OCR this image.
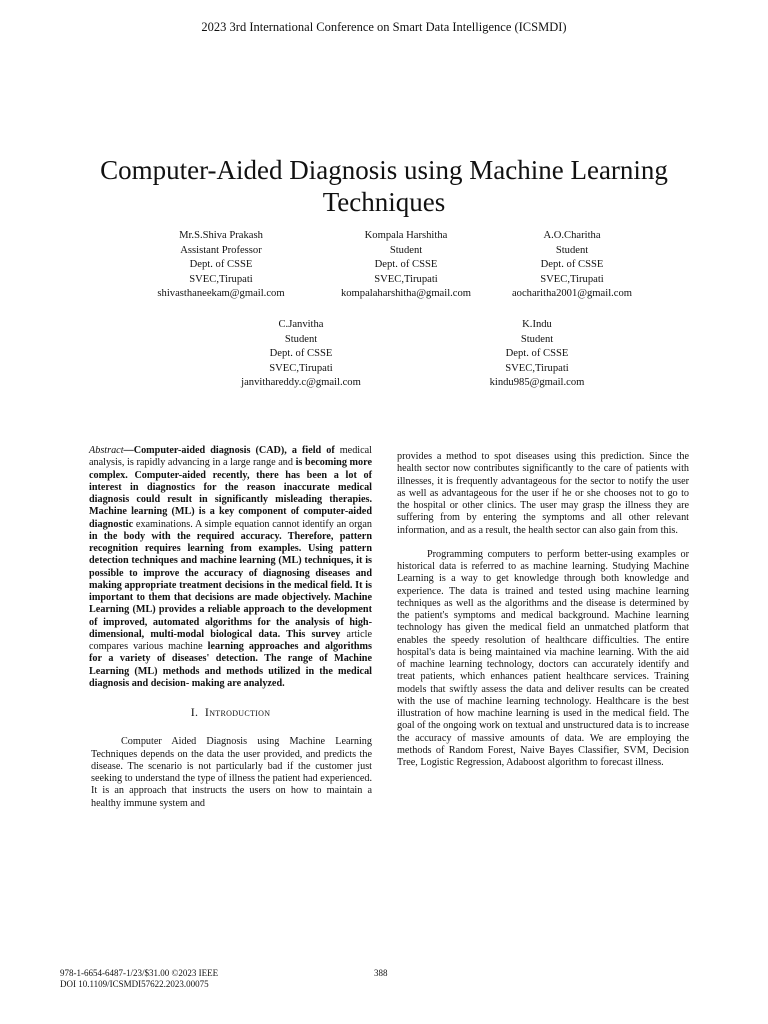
2023 3rd International Conference on Smart Data Intelligence (ICSMDI)
Computer-Aided Diagnosis using Machine Learning Techniques
Mr.S.Shiva Prakash
Assistant Professor
Dept. of CSSE
SVEC,Tirupati
shivasthaneekam@gmail.com
Kompala Harshitha
Student
Dept. of CSSE
SVEC,Tirupati
kompalaharshitha@gmail.com
A.O.Charitha
Student
Dept. of CSSE
SVEC,Tirupati
aocharitha2001@gmail.com
C.Janvitha
Student
Dept. of CSSE
SVEC,Tirupati
janvithareddy.c@gmail.com
K.Indu
Student
Dept. of CSSE
SVEC,Tirupati
kindu985@gmail.com

Abstract—Computer-aided diagnosis (CAD), a field of medical analysis, is rapidly advancing in a large range and is becoming more complex. Computer-aided recently, there has been a lot of interest in diagnostics for the reason inaccurate medical diagnosis could result in significantly misleading therapies. Machine learning (ML) is a key component of computer-aided diagnostic examinations. A simple equation cannot identify an organ in the body with the required accuracy. Therefore, pattern recognition requires learning from examples. Using pattern detection techniques and machine learning (ML) techniques, it is possible to improve the accuracy of diagnosing diseases and making appropriate treatment decisions in the medical field. It is important to them that decisions are made objectively. Machine Learning (ML) provides a reliable approach to the development of improved, automated algorithms for the analysis of high- dimensional, multi-modal biological data. This survey article compares various machine learning approaches and algorithms for a variety of diseases' detection. The range of Machine Learning (ML) methods and methods utilized in the medical diagnosis and decision- making are analyzed.

I. Introduction

Computer Aided Diagnosis using Machine Learning Techniques depends on the data the user provided, and predicts the disease. The scenario is not particularly bad if the customer just seeking to understand the type of illness the patient had experienced. It is an approach that instructs the users on how to maintain a healthy immune system and

provides a method to spot diseases using this prediction. Since the health sector now contributes significantly to the care of patients with illnesses, it is frequently advantageous for the sector to notify the user as well as advantageous for the user if he or she chooses not to go to the hospital or other clinics. The user may grasp the illness they are suffering from by entering the symptoms and all other relevant information, and as a result, the health sector can also gain from this.

Programming computers to perform better-using examples or historical data is referred to as machine learning. Studying Machine Learning is a way to get knowledge through both knowledge and experience. The data is trained and tested using machine learning techniques as well as the algorithms and the disease is determined by the patient's symptoms and medical background. Machine learning technology has given the medical field an unmatched platform that enables the speedy resolution of healthcare difficulties. The entire hospital's data is being maintained via machine learning. With the aid of machine learning technology, doctors can accurately identify and treat patients, which enhances patient healthcare services. Training models that swiftly assess the data and deliver results can be created with the use of machine learning technology. Healthcare is the best illustration of how machine learning is used in the medical field. The goal of the ongoing work on textual and unstructured data is to increase the accuracy of massive amounts of data. We are employing the methods of Random Forest, Naive Bayes Classifier, SVM, Decision Tree, Logistic Regression, Adaboost algorithm to forecast illness.

978-1-6654-6487-1/23/$31.00 ©2023 IEEE
DOI 10.1109/ICSMDI57622.2023.00075
388
